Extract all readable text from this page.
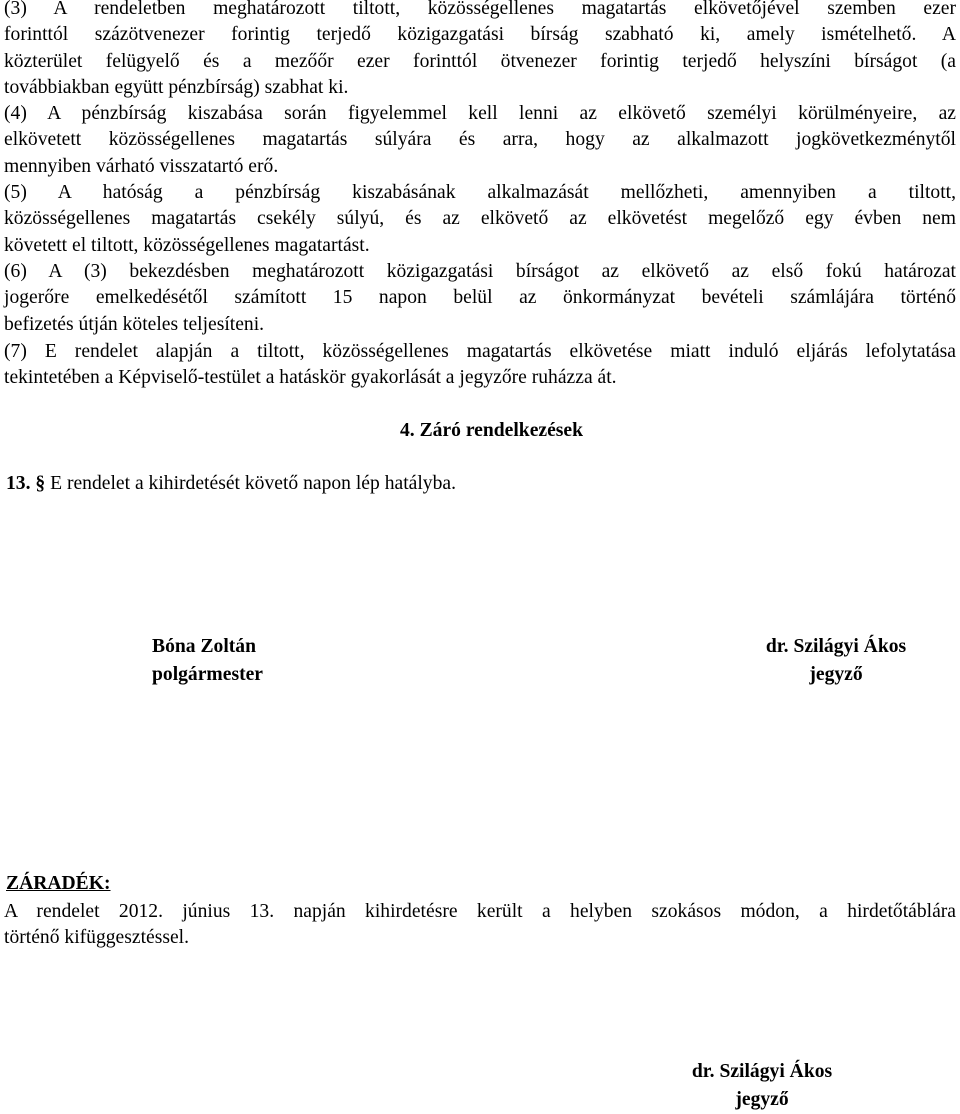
(3) A rendeletben meghatározott tiltott, közösségellenes magatartás elkövetőjével szemben ezer
forinttól százötvenezer forintig terjedő közigazgatási bírság szabható ki, amely ismételhető. A
közterület felügyelő és a mezőőr ezer forinttól ötvenezer forintig terjedő helyszíni bírságot (a
továbbiakban együtt pénzbírság) szabhat ki.
(4) A pénzbírság kiszabása során figyelemmel kell lenni az elkövető személyi körülményeire, az
elkövetett közösségellenes magatartás súlyára és arra, hogy az alkalmazott jogkövetkezménytől
mennyiben várható visszatartó erő.
(5) A hatóság a pénzbírság kiszabásának alkalmazását mellőzheti, amennyiben a tiltott,
közösségellenes magatartás csekély súlyú, és az elkövető az elkövetést megelőző egy évben nem
követett el tiltott, közösségellenes magatartást.
(6) A (3) bekezdésben meghatározott közigazgatási bírságot az elkövető az első fokú határozat
jogerőre emelkedésétől számított 15 napon belül az önkormányzat bevételi számlájára történő
befizetés útján köteles teljesíteni.
(7) E rendelet alapján a tiltott, közösségellenes magatartás elkövetése miatt induló eljárás lefolytatása
tekintetében a Képviselő-testület a hatáskör gyakorlását a jegyzőre ruházza át.
4. Záró rendelkezések
13. § E rendelet a kihirdetését követő napon lép hatályba.
Bóna Zoltán
polgármester
dr. Szilágyi Ákos
jegyző
ZÁRADÉK:
A rendelet 2012. június 13. napján kihirdetésre került a helyben szokásos módon, a hirdetőtáblára
történő kifüggesztéssel.
dr. Szilágyi Ákos
jegyző
